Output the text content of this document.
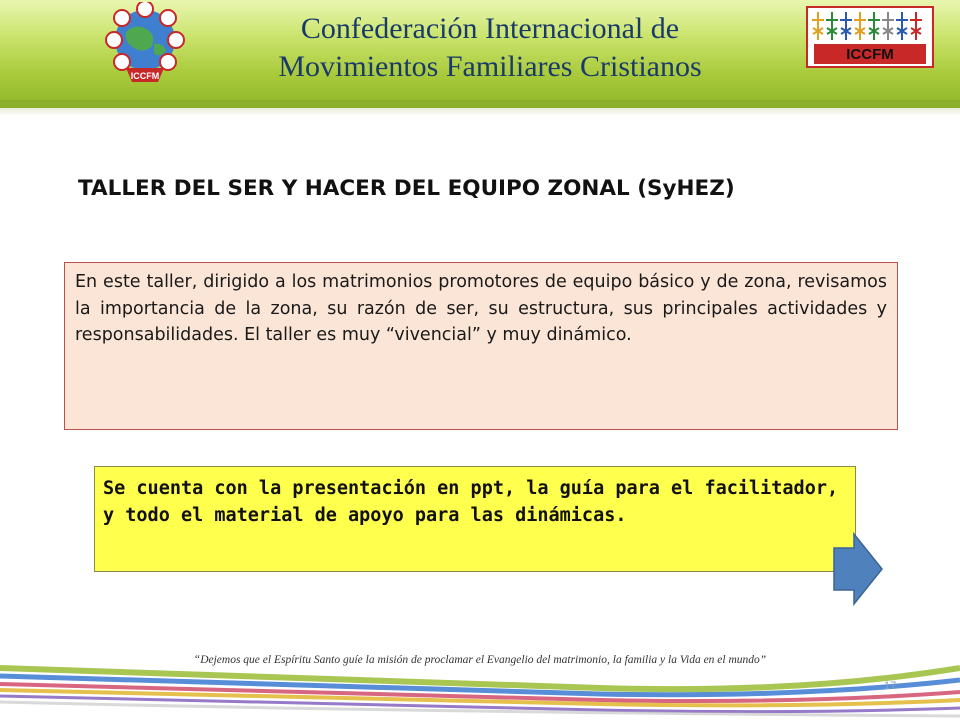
ICCFM
Confederación Internacional de
Movimientos Familiares Cristianos	ICCFM
TALLER DEL SER Y HACER DEL EQUIPO ZONAL (SyHEZ)
En este taller, dirigido a los matrimonios promotores de equipo básico y de zona, revisamos la importancia de la zona, su razón de ser, su estructura, sus principales actividades y responsabilidades. El taller es muy “vivencial” y muy dinámico.
Se cuenta con la presentación en ppt, la guía para el facilitador, y todo el material de apoyo para las dinámicas.
“Dejemos que el Espíritu Santo guíe la misión de proclamar el Evangelio del matrimonio, la familia y la Vida en el mundo”
17
